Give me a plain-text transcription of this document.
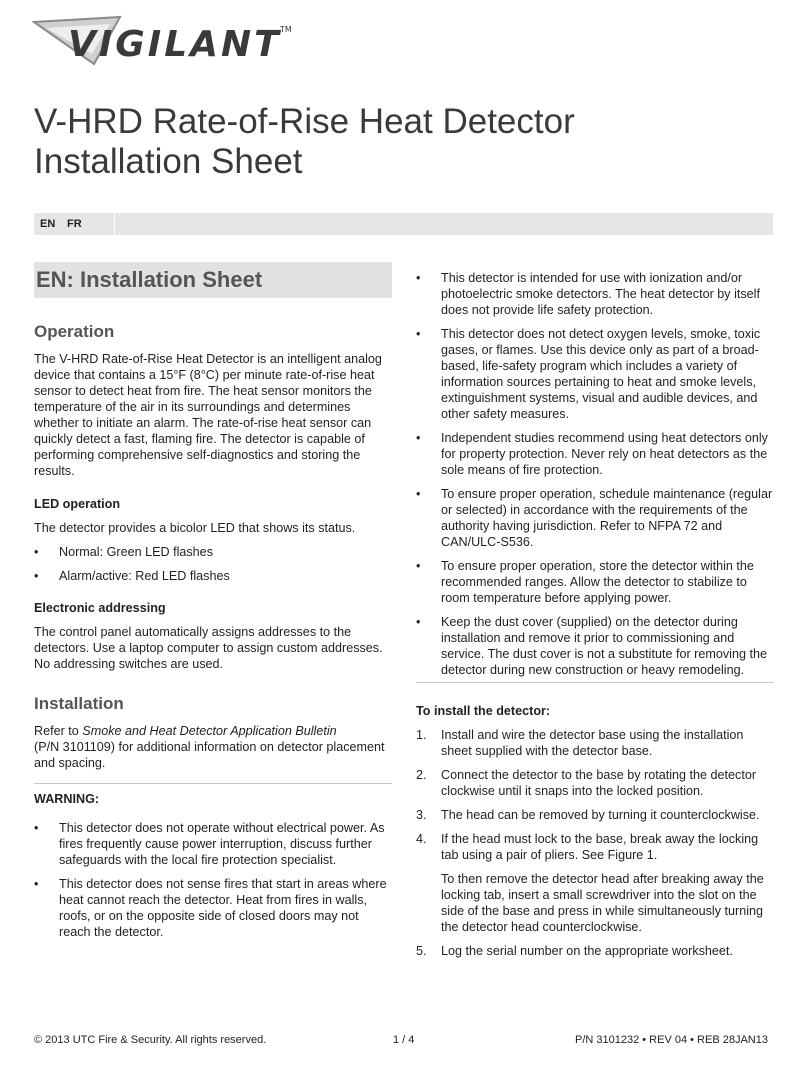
VIGILANT
TM
V-HRD Rate-of-Rise Heat Detector
Installation Sheet
EN FR
EN: Installation Sheet
Operation

The V-HRD Rate-of-Rise Heat Detector is an intelligent analog device that contains a 15°F (8°C) per minute rate-of-rise heat sensor to detect heat from fire. The heat sensor monitors the temperature of the air in its surroundings and determines whether to initiate an alarm. The rate-of-rise heat sensor can quickly detect a fast, flaming fire. The detector is capable of performing comprehensive self-diagnostics and storing the results.

LED operation

The detector provides a bicolor LED that shows its status.

• Normal: Green LED flashes
• Alarm/active: Red LED flashes
Electronic addressing

The control panel automatically assigns addresses to the detectors. Use a laptop computer to assign custom addresses. No addressing switches are used.

Installation

Refer to Smoke and Heat Detector Application Bulletin
(P/N 3101109) for additional information on detector placement and spacing.

WARNING:
• This detector does not operate without electrical power. As fires frequently cause power interruption, discuss further safeguards with the local fire protection specialist.
• This detector does not sense fires that start in areas where heat cannot reach the detector. Heat from fires in walls, roofs, or on the opposite side of closed doors may not reach the detector.
• This detector is intended for use with ionization and/or photoelectric smoke detectors. The heat detector by itself does not provide life safety protection.
• This detector does not detect oxygen levels, smoke, toxic gases, or flames. Use this device only as part of a broad-based, life-safety program which includes a variety of information sources pertaining to heat and smoke levels, extinguishment systems, visual and audible devices, and other safety measures.
• Independent studies recommend using heat detectors only for property protection. Never rely on heat detectors as the sole means of fire protection.
• To ensure proper operation, schedule maintenance (regular or selected) in accordance with the requirements of the authority having jurisdiction. Refer to NFPA 72 and CAN/ULC-S536.
• To ensure proper operation, store the detector within the recommended ranges. Allow the detector to stabilize to room temperature before applying power.
• Keep the dust cover (supplied) on the detector during installation and remove it prior to commissioning and service. The dust cover is not a substitute for removing the detector during new construction or heavy remodeling.
To install the detector:
1. Install and wire the detector base using the installation sheet supplied with the detector base.
2. Connect the detector to the base by rotating the detector clockwise until it snaps into the locked position.
3. The head can be removed by turning it counterclockwise.
4. If the head must lock to the base, break away the locking tab using a pair of pliers. See Figure 1.

To then remove the detector head after breaking away the locking tab, insert a small screwdriver into the slot on the side of the base and press in while simultaneously turning the detector head counterclockwise.

5. Log the serial number on the appropriate worksheet.
© 2013 UTC Fire & Security. All rights reserved.	1 / 4	P/N 3101232 • REV 04 • REB 28JAN13
